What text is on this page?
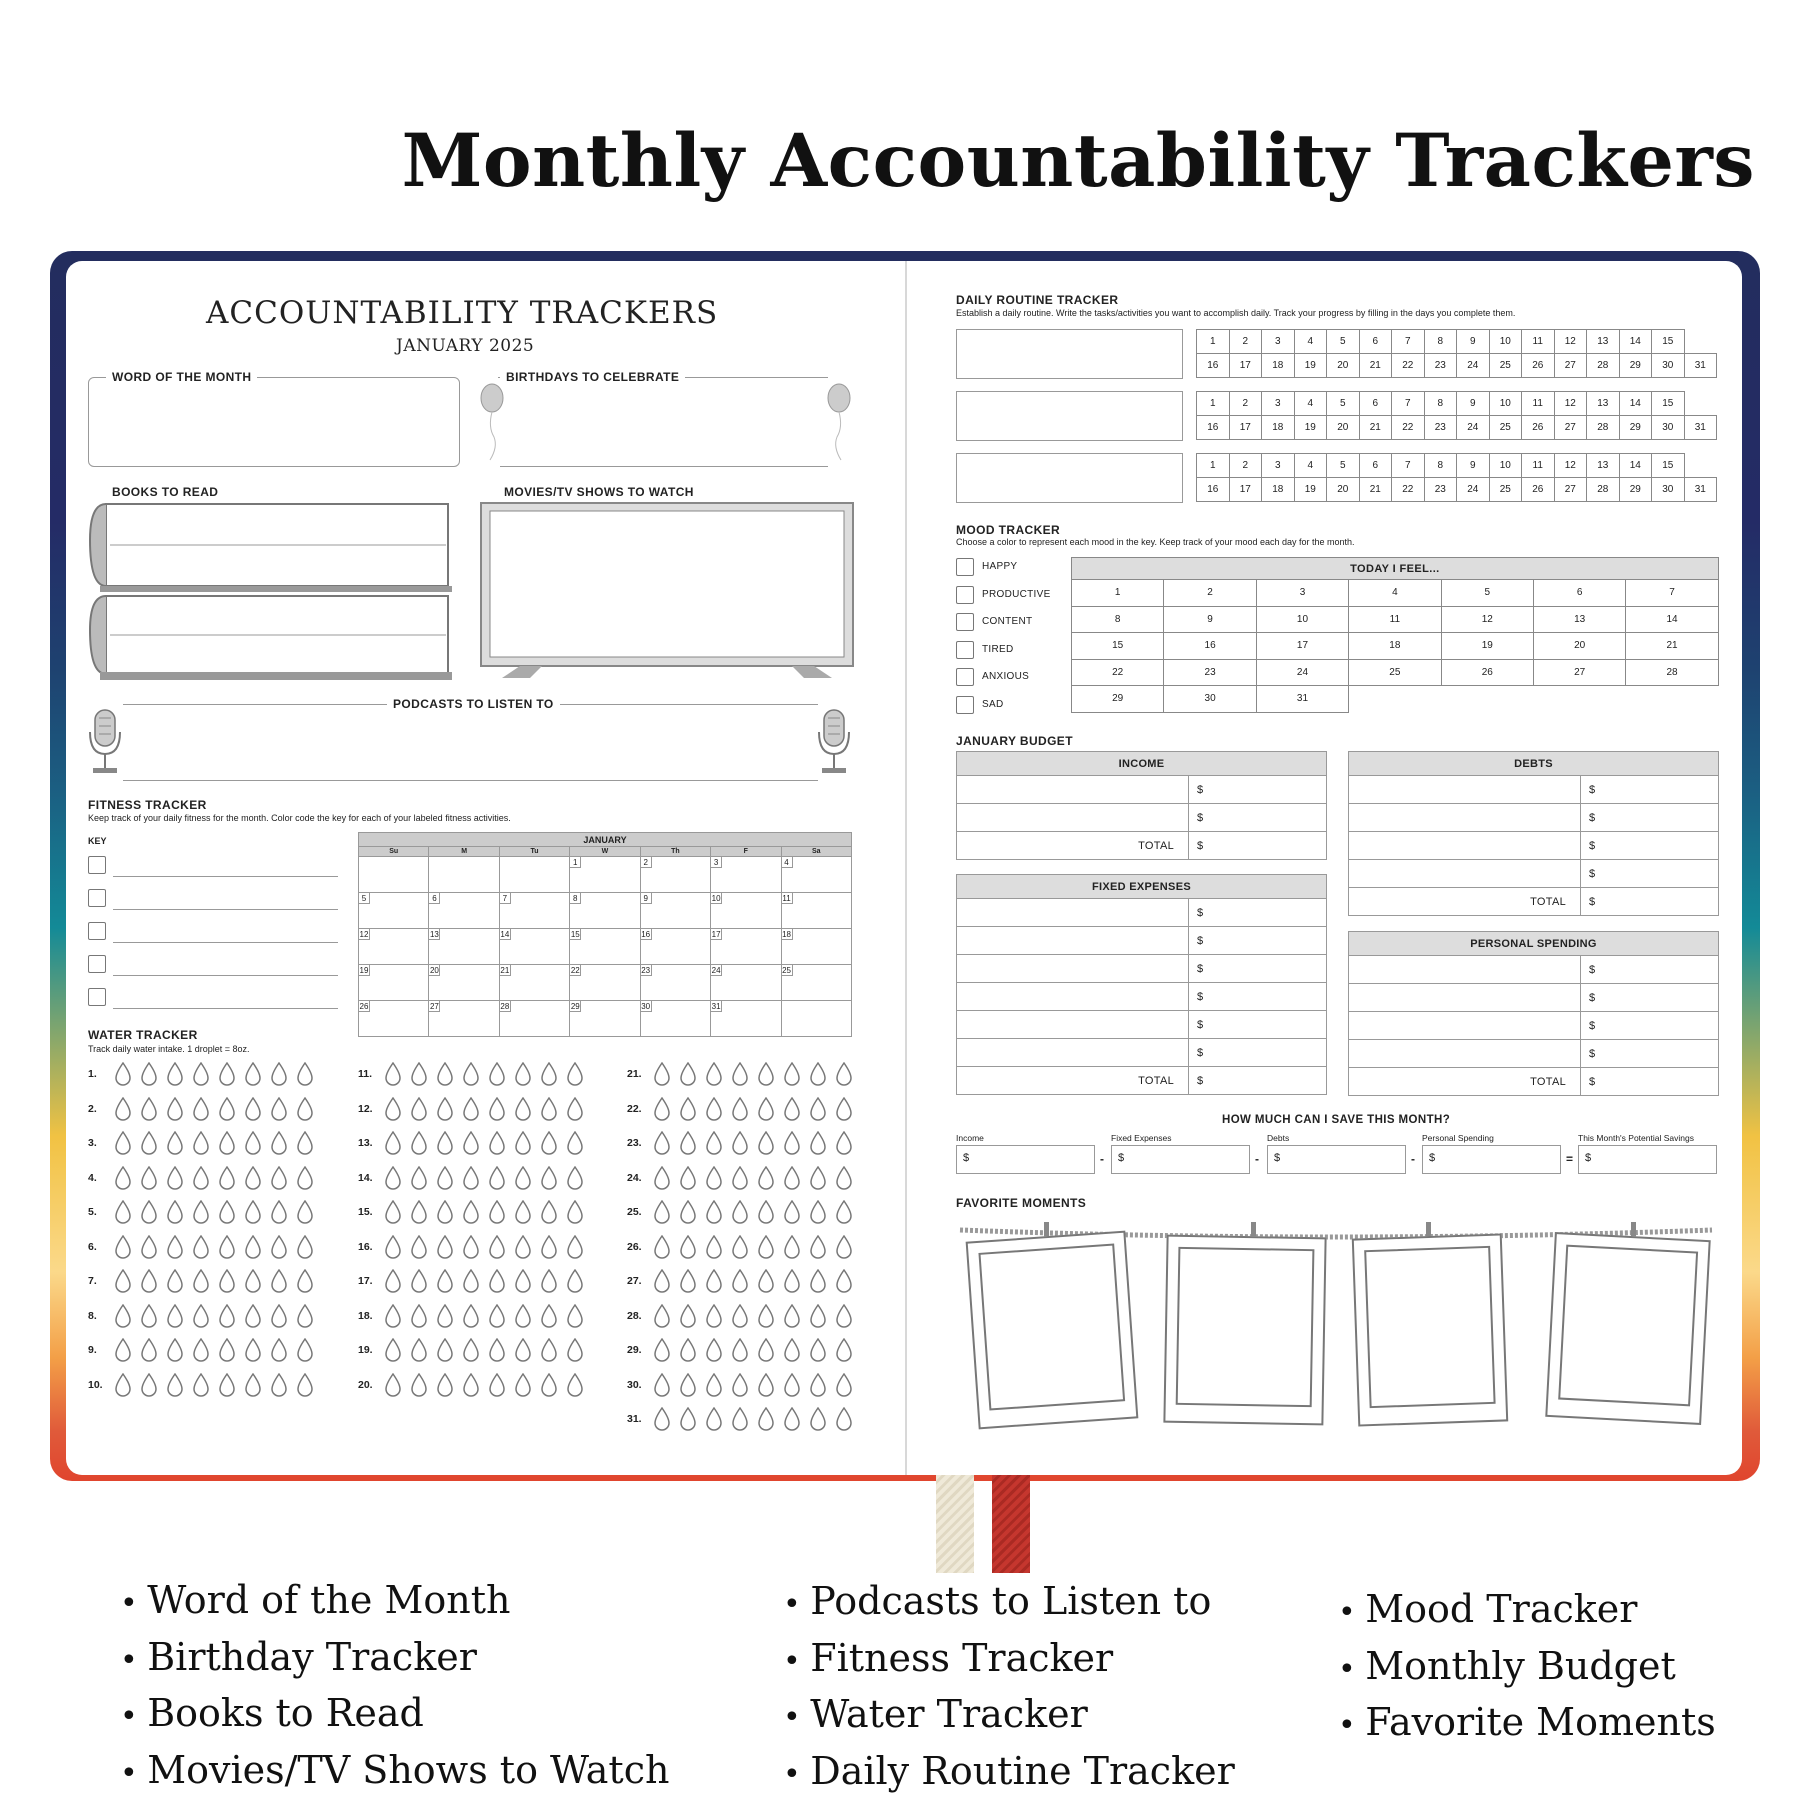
Monthly Accountability Trackers
ACCOUNTABILITY TRACKERS
JANUARY 2025
WORD OF THE MONTH	BIRTHDAYS TO CELEBRATE
BOOKS TO READ	MOVIES/TV SHOWS TO WATCH
PODCASTS TO LISTEN TO
FITNESS TRACKER
Keep track of your daily fitness for the month. Color code the key for each of your labeled fitness activities.
KEY	JANUARY						
Su	M	Tu	W	Th	F	Sa
			1	2	3	4
5	6	7	8	9	10	11
12	13	14	15	16	17	18
19	20	21	22	23	24	25
26	27	28	29	30	31	
WATER TRACKER
Track daily water intake. 1 droplet = 8oz.
1.
2.
3.
4.
5.
6.
7.
8.
9.
10.
11.
12.
13.
14.
15.
16.
17.
18.
19.
20.
21.
22.
23.
24.
25.
26.
27.
28.
29.
30.
31.
DAILY ROUTINE TRACKER
Establish a daily routine. Write the tasks/activities you want to accomplish daily. Track your progress by filling in the days you complete them.
1	2	3	4	5	6	7	8	9	10	11	12	13	14	15	
16	17	18	19	20	21	22	23	24	25	26	27	28	29	30	31
1	2	3	4	5	6	7	8	9	10	11	12	13	14	15	
16	17	18	19	20	21	22	23	24	25	26	27	28	29	30	31
1	2	3	4	5	6	7	8	9	10	11	12	13	14	15	
16	17	18	19	20	21	22	23	24	25	26	27	28	29	30	31
MOOD TRACKER
Choose a color to represent each mood in the key. Keep track of your mood each day for the month.
HAPPY
PRODUCTIVE
CONTENT
TIRED
ANXIOUS
SAD
TODAY I FEEL...						
1	2	3	4	5	6	7
8	9	10	11	12	13	14
15	16	17	18	19	20	21
22	23	24	25	26	27	28
29	30	31				
JANUARY BUDGET
INCOME	
	$
	$
TOTAL	$
DEBTS	
	$
	$
	$
	$
TOTAL	$
FIXED EXPENSES	
	$
	$
	$
	$
	$
	$
TOTAL	$
PERSONAL SPENDING	
	$
	$
	$
	$
TOTAL	$
HOW MUCH CAN I SAVE THIS MONTH?
Income
$	-
Fixed Expenses
$	-
Debts
$	-
Personal Spending
$	=
This Month's Potential Savings
$
FAVORITE MOMENTS
• Word of the Month
• Birthday Tracker
• Books to Read
• Movies/TV Shows to Watch
• Podcasts to Listen to
• Fitness Tracker
• Water Tracker
• Daily Routine Tracker
• Mood Tracker
• Monthly Budget
• Favorite Moments
